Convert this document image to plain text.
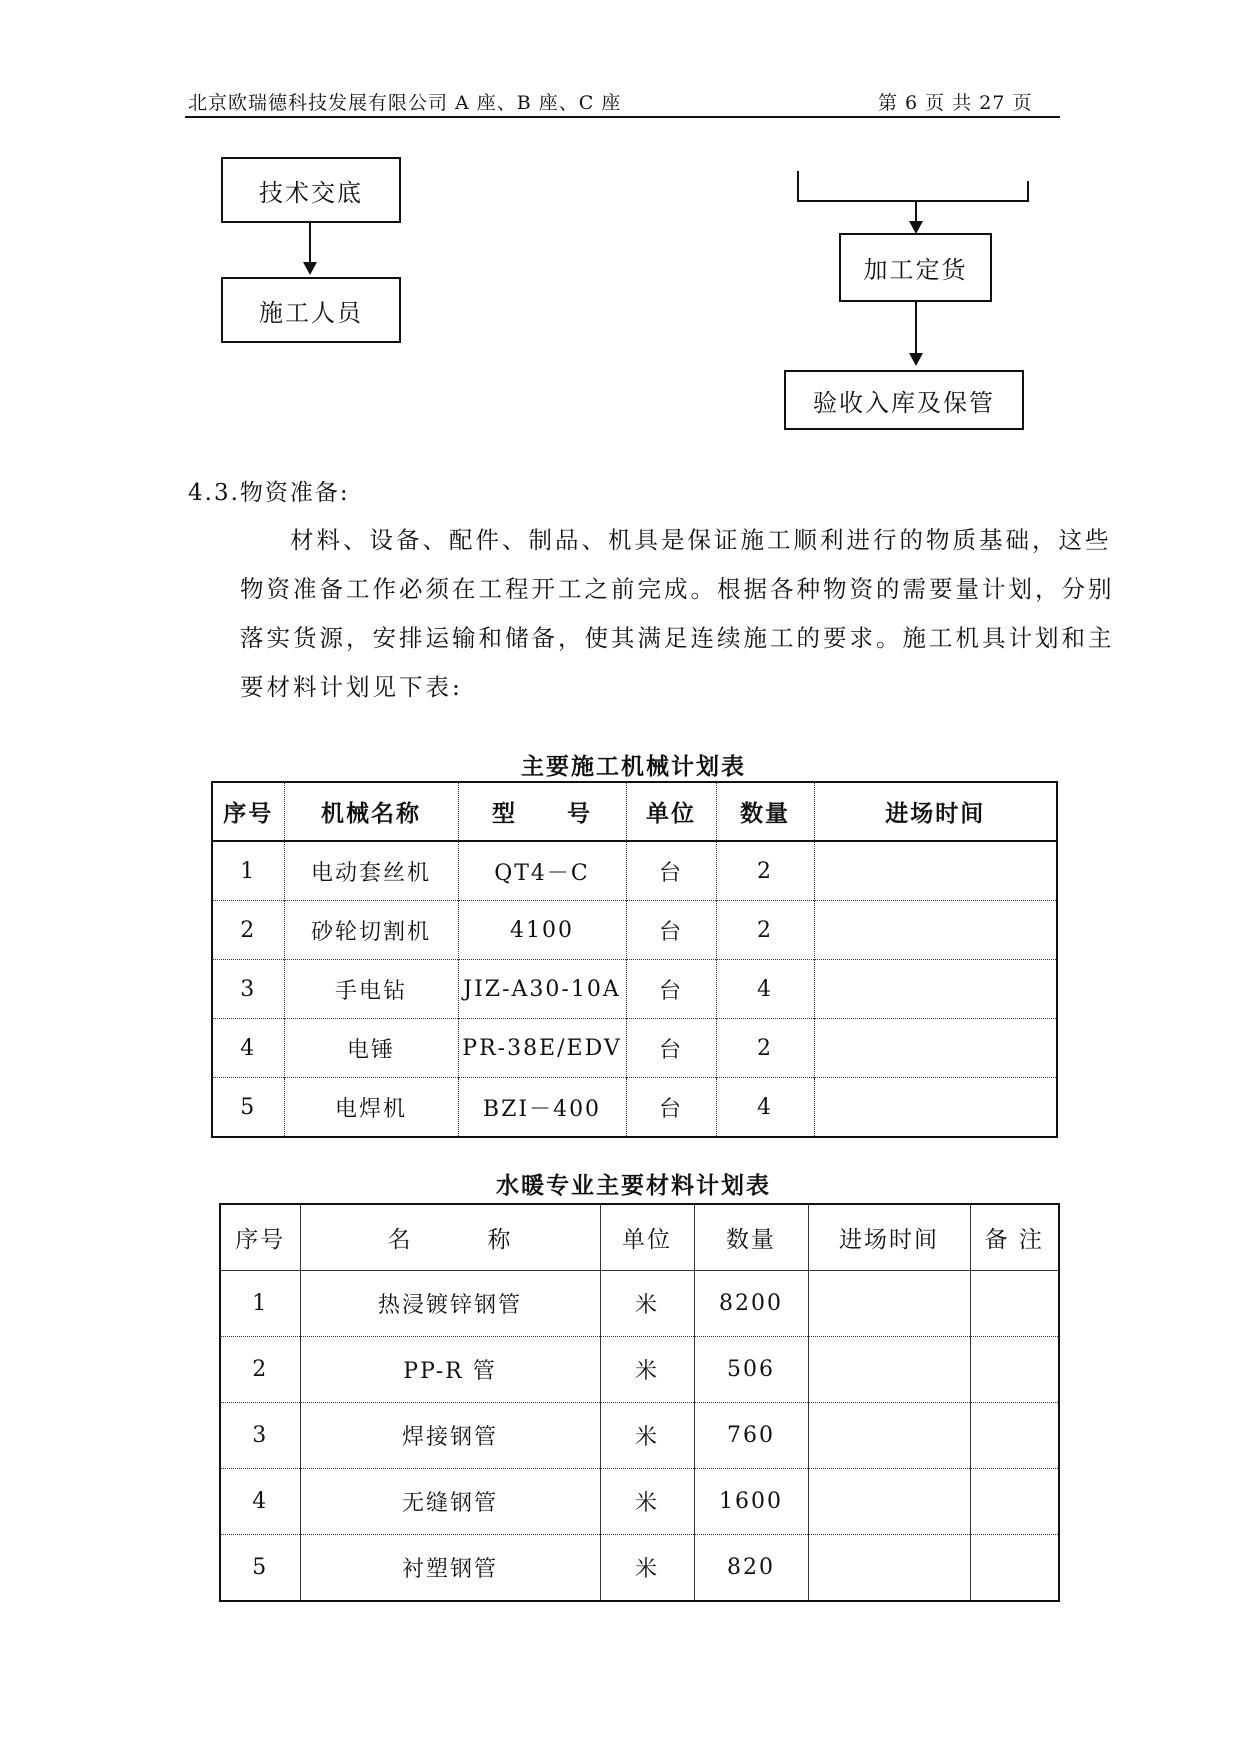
北京欧瑞德科技发展有限公司 A 座、B 座、C 座	第 6 页 共 27 页
技术交底
施工人员
加工定货
验收入库及保管
4.3.物资准备:
材料、设备、配件、制品、机具是保证施工顺利进行的物质基础，这些
物资准备工作必须在工程开工之前完成。根据各种物资的需要量计划，分别
落实货源，安排运输和储备，使其满足连续施工的要求。施工机具计划和主
要材料计划见下表:
主要施工机械计划表
序号	机械名称	型　　号	单位	数量	进场时间
1	电动套丝机	QT4－C	台	2	
2	砂轮切割机	4100	台	2	
3	手电钻	JIZ-A30-10A	台	4	
4	电锤	PR-38E/EDV	台	2	
5	电焊机	BZI－400	台	4	
水暖专业主要材料计划表
序号	名　　　称	单位	数量	进场时间	备 注
1	热浸镀锌钢管	米	8200		
2	PP-R 管	米	506		
3	焊接钢管	米	760		
4	无缝钢管	米	1600		
5	衬塑钢管	米	820		
